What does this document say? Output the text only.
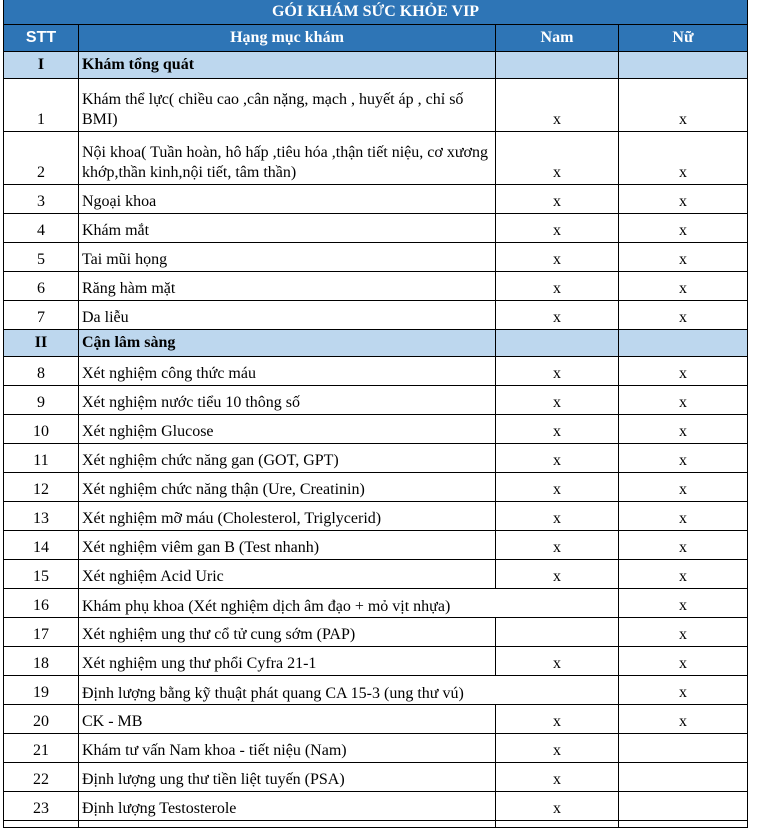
GÓI KHÁM SỨC KHỎE VIP			
STT	Hạng mục khám	Nam	Nữ
I	Khám tổng quát		
1	Khám thể lực( chiều cao ,cân nặng, mạch , huyết áp , chỉ số BMI)	x	x
2	Nội khoa( Tuần hoàn, hô hấp ,tiêu hóa ,thận tiết niệu, cơ xương khớp,thần kinh,nội tiết, tâm thần)	x	x
3	Ngoại khoa	x	x
4	Khám mắt	x	x
5	Tai mũi họng	x	x
6	Răng hàm mặt	x	x
7	Da liễu	x	x
II	Cận lâm sàng		
8	Xét nghiệm công thức máu	x	x
9	Xét nghiệm nước tiểu 10 thông số	x	x
10	Xét nghiệm Glucose	x	x
11	Xét nghiệm chức năng gan (GOT, GPT)	x	x
12	Xét nghiệm chức năng thận (Ure, Creatinin)	x	x
13	Xét nghiệm mỡ máu (Cholesterol, Triglycerid)	x	x
14	Xét nghiệm viêm gan B (Test nhanh)	x	x
15	Xét nghiệm Acid Uric	x	x
16	Khám phụ khoa (Xét nghiệm dịch âm đạo + mỏ vịt nhựa)		x
17	Xét nghiệm ung thư cổ tử cung sớm (PAP)		x
18	Xét nghiệm ung thư phổi Cyfra 21-1	x	x
19	Định lượng bằng kỹ thuật phát quang CA 15-3 (ung thư vú)		x
20	CK - MB	x	x
21	Khám tư vấn Nam khoa - tiết niệu (Nam)	x	
22	Định lượng ung thư tiền liệt tuyến (PSA)	x	
23	Định lượng Testosterole	x	
